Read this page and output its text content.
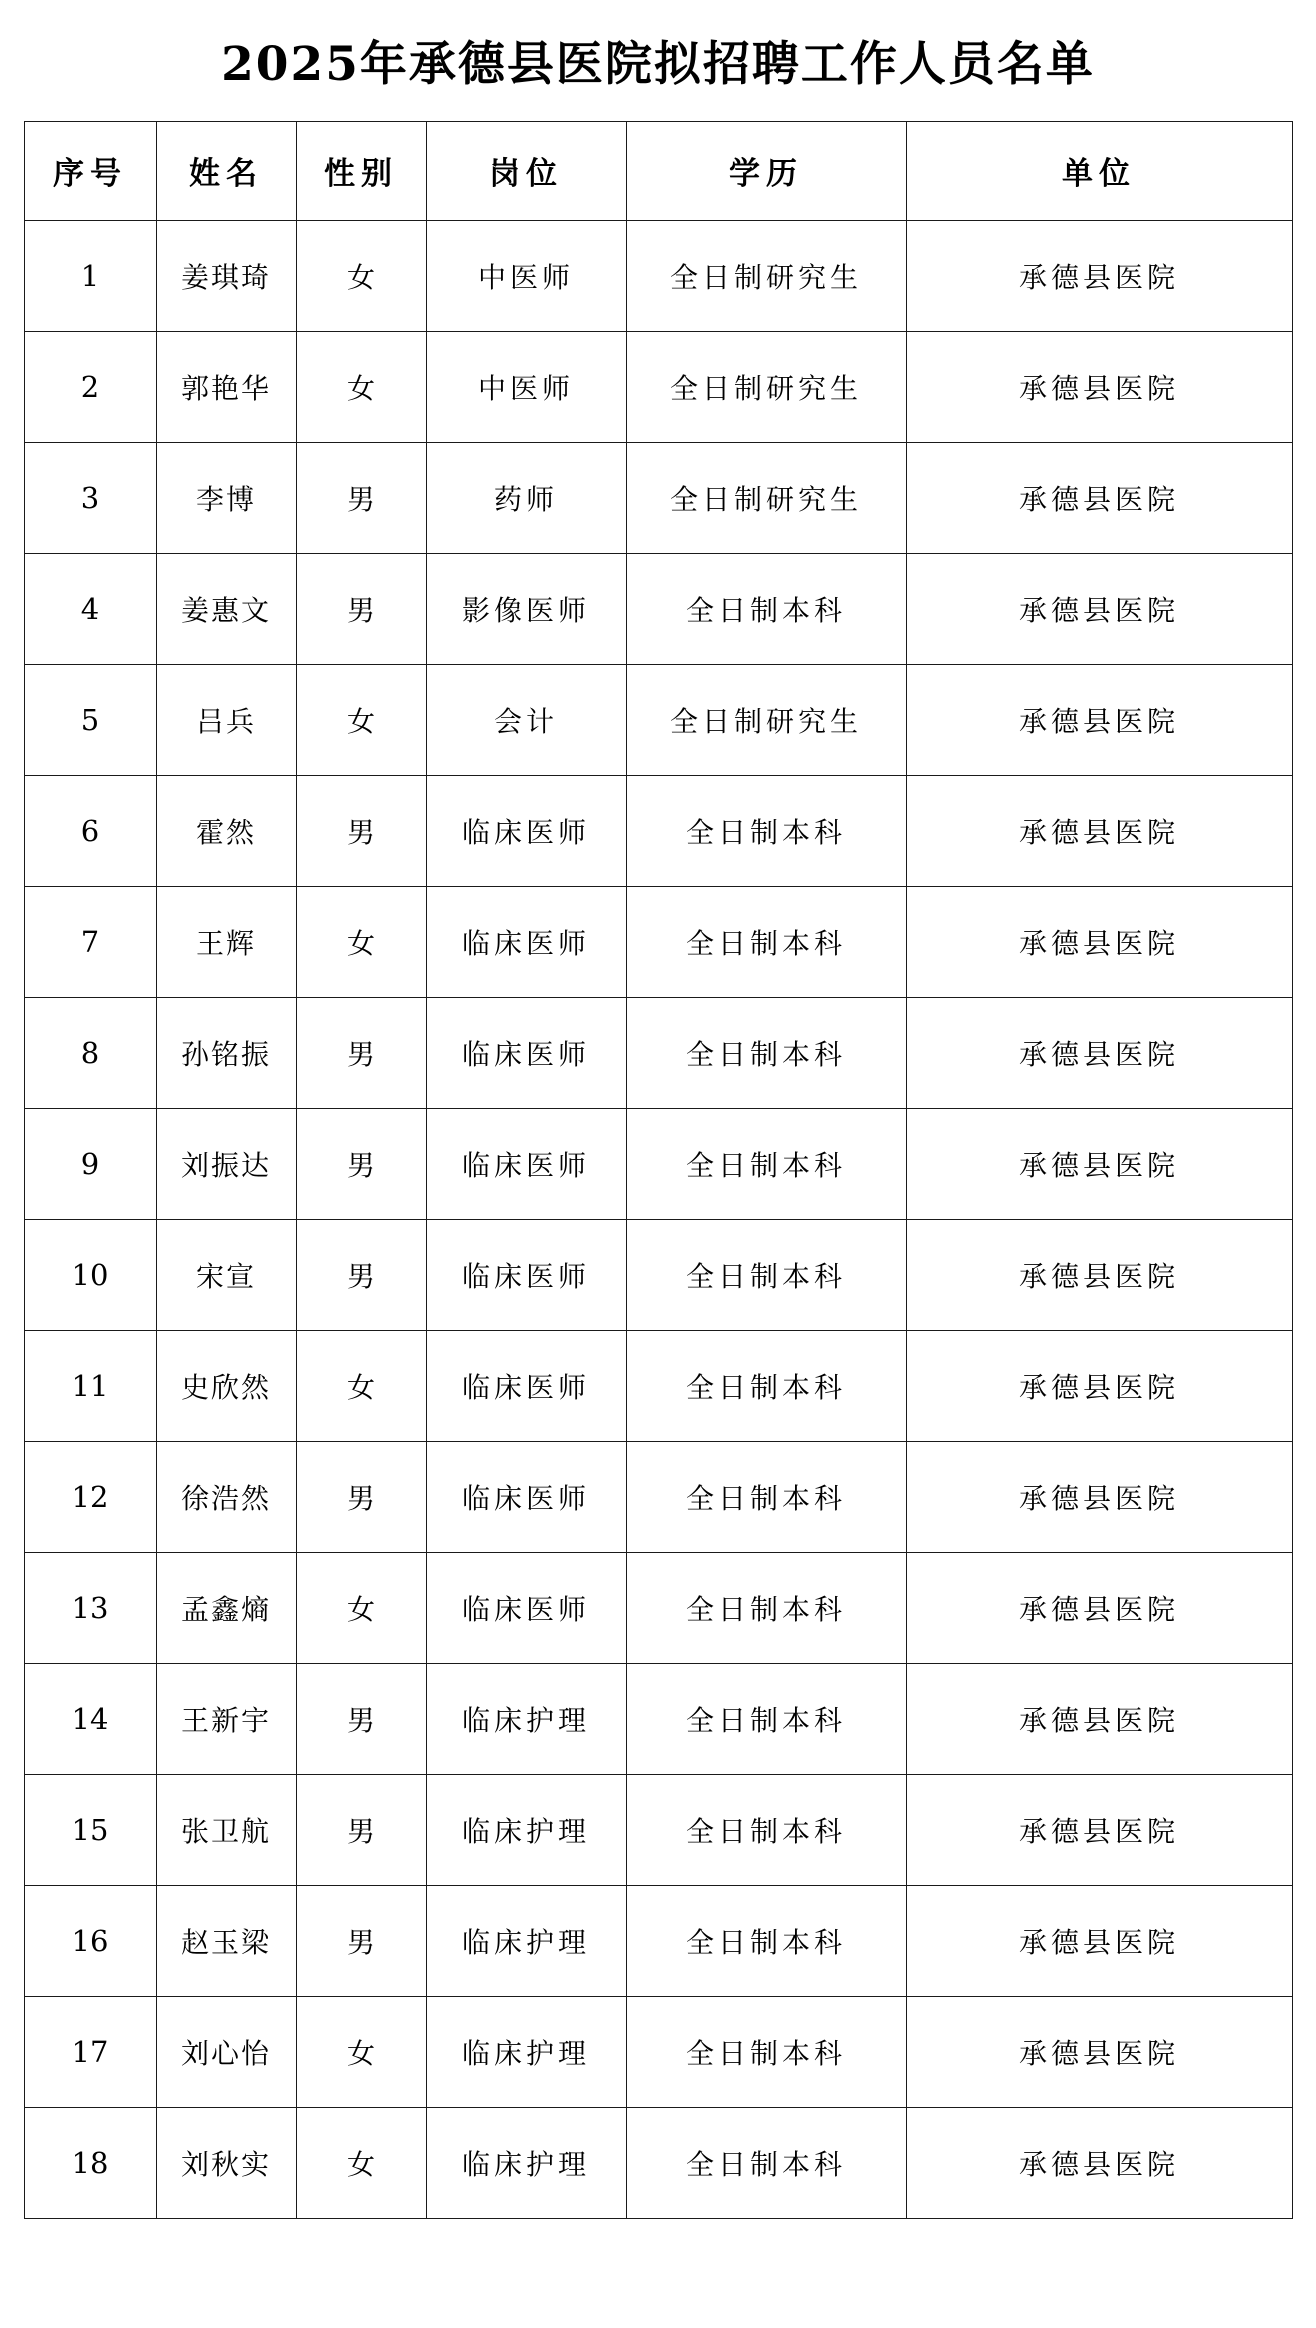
2025年承德县医院拟招聘工作人员名单
序号	姓名	性别	岗位	学历	单位
1	姜琪琦	女	中医师	全日制研究生	承德县医院
2	郭艳华	女	中医师	全日制研究生	承德县医院
3	李博	男	药师	全日制研究生	承德县医院
4	姜惠文	男	影像医师	全日制本科	承德县医院
5	吕兵	女	会计	全日制研究生	承德县医院
6	霍然	男	临床医师	全日制本科	承德县医院
7	王辉	女	临床医师	全日制本科	承德县医院
8	孙铭振	男	临床医师	全日制本科	承德县医院
9	刘振达	男	临床医师	全日制本科	承德县医院
10	宋宣	男	临床医师	全日制本科	承德县医院
11	史欣然	女	临床医师	全日制本科	承德县医院
12	徐浩然	男	临床医师	全日制本科	承德县医院
13	孟鑫熵	女	临床医师	全日制本科	承德县医院
14	王新宇	男	临床护理	全日制本科	承德县医院
15	张卫航	男	临床护理	全日制本科	承德县医院
16	赵玉梁	男	临床护理	全日制本科	承德县医院
17	刘心怡	女	临床护理	全日制本科	承德县医院
18	刘秋实	女	临床护理	全日制本科	承德县医院
